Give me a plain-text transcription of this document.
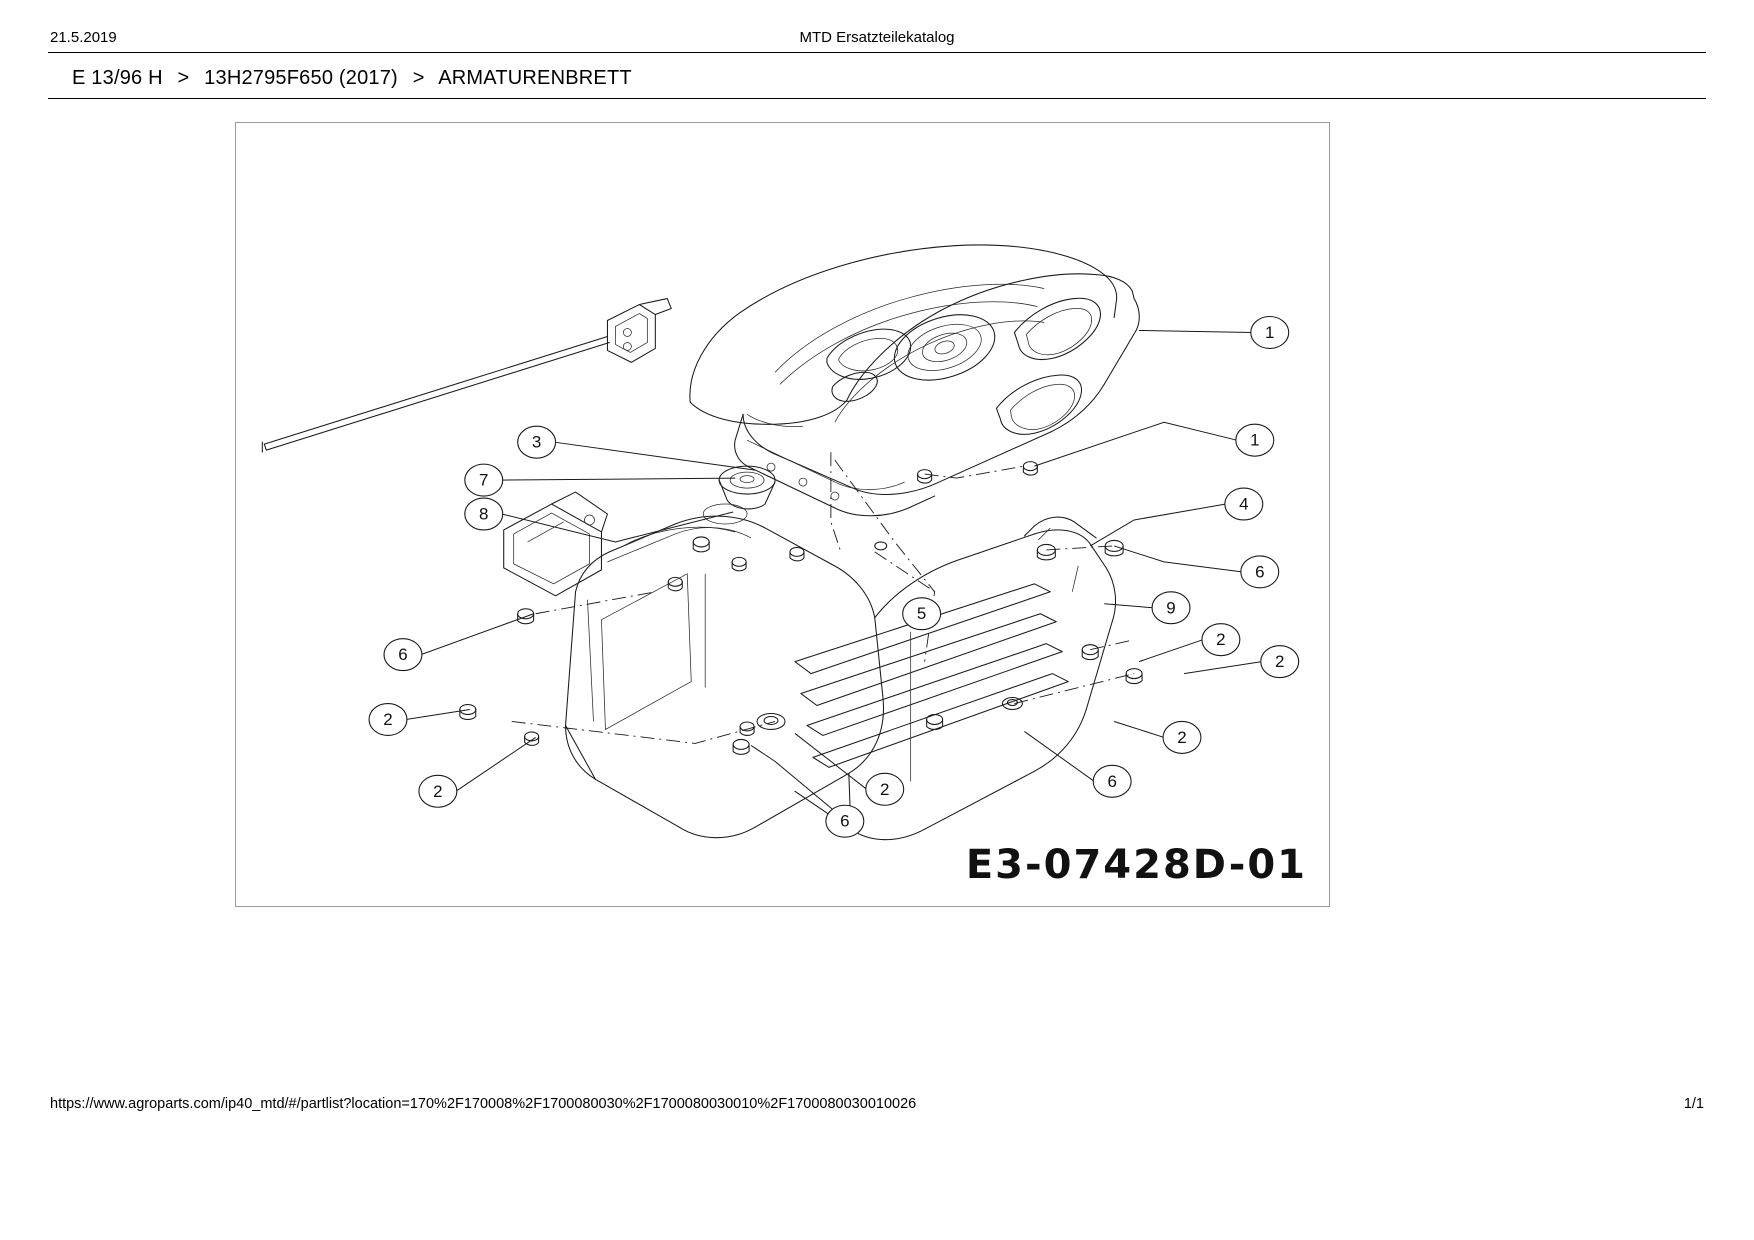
21.5.2019	MTD Ersatzteilekatalog
E 13/96 H > 13H2795F650 (2017) > ARMATURENBRETT
1
3	1
7
4
8
6
9
5
2
2
6
2
2
6
2	2
6
E3-07428D-01
https://www.agroparts.com/ip40_mtd/#/partlist?location=170%2F170008%2F1700080030%2F1700080030010%2F1700080030010026	1/1
